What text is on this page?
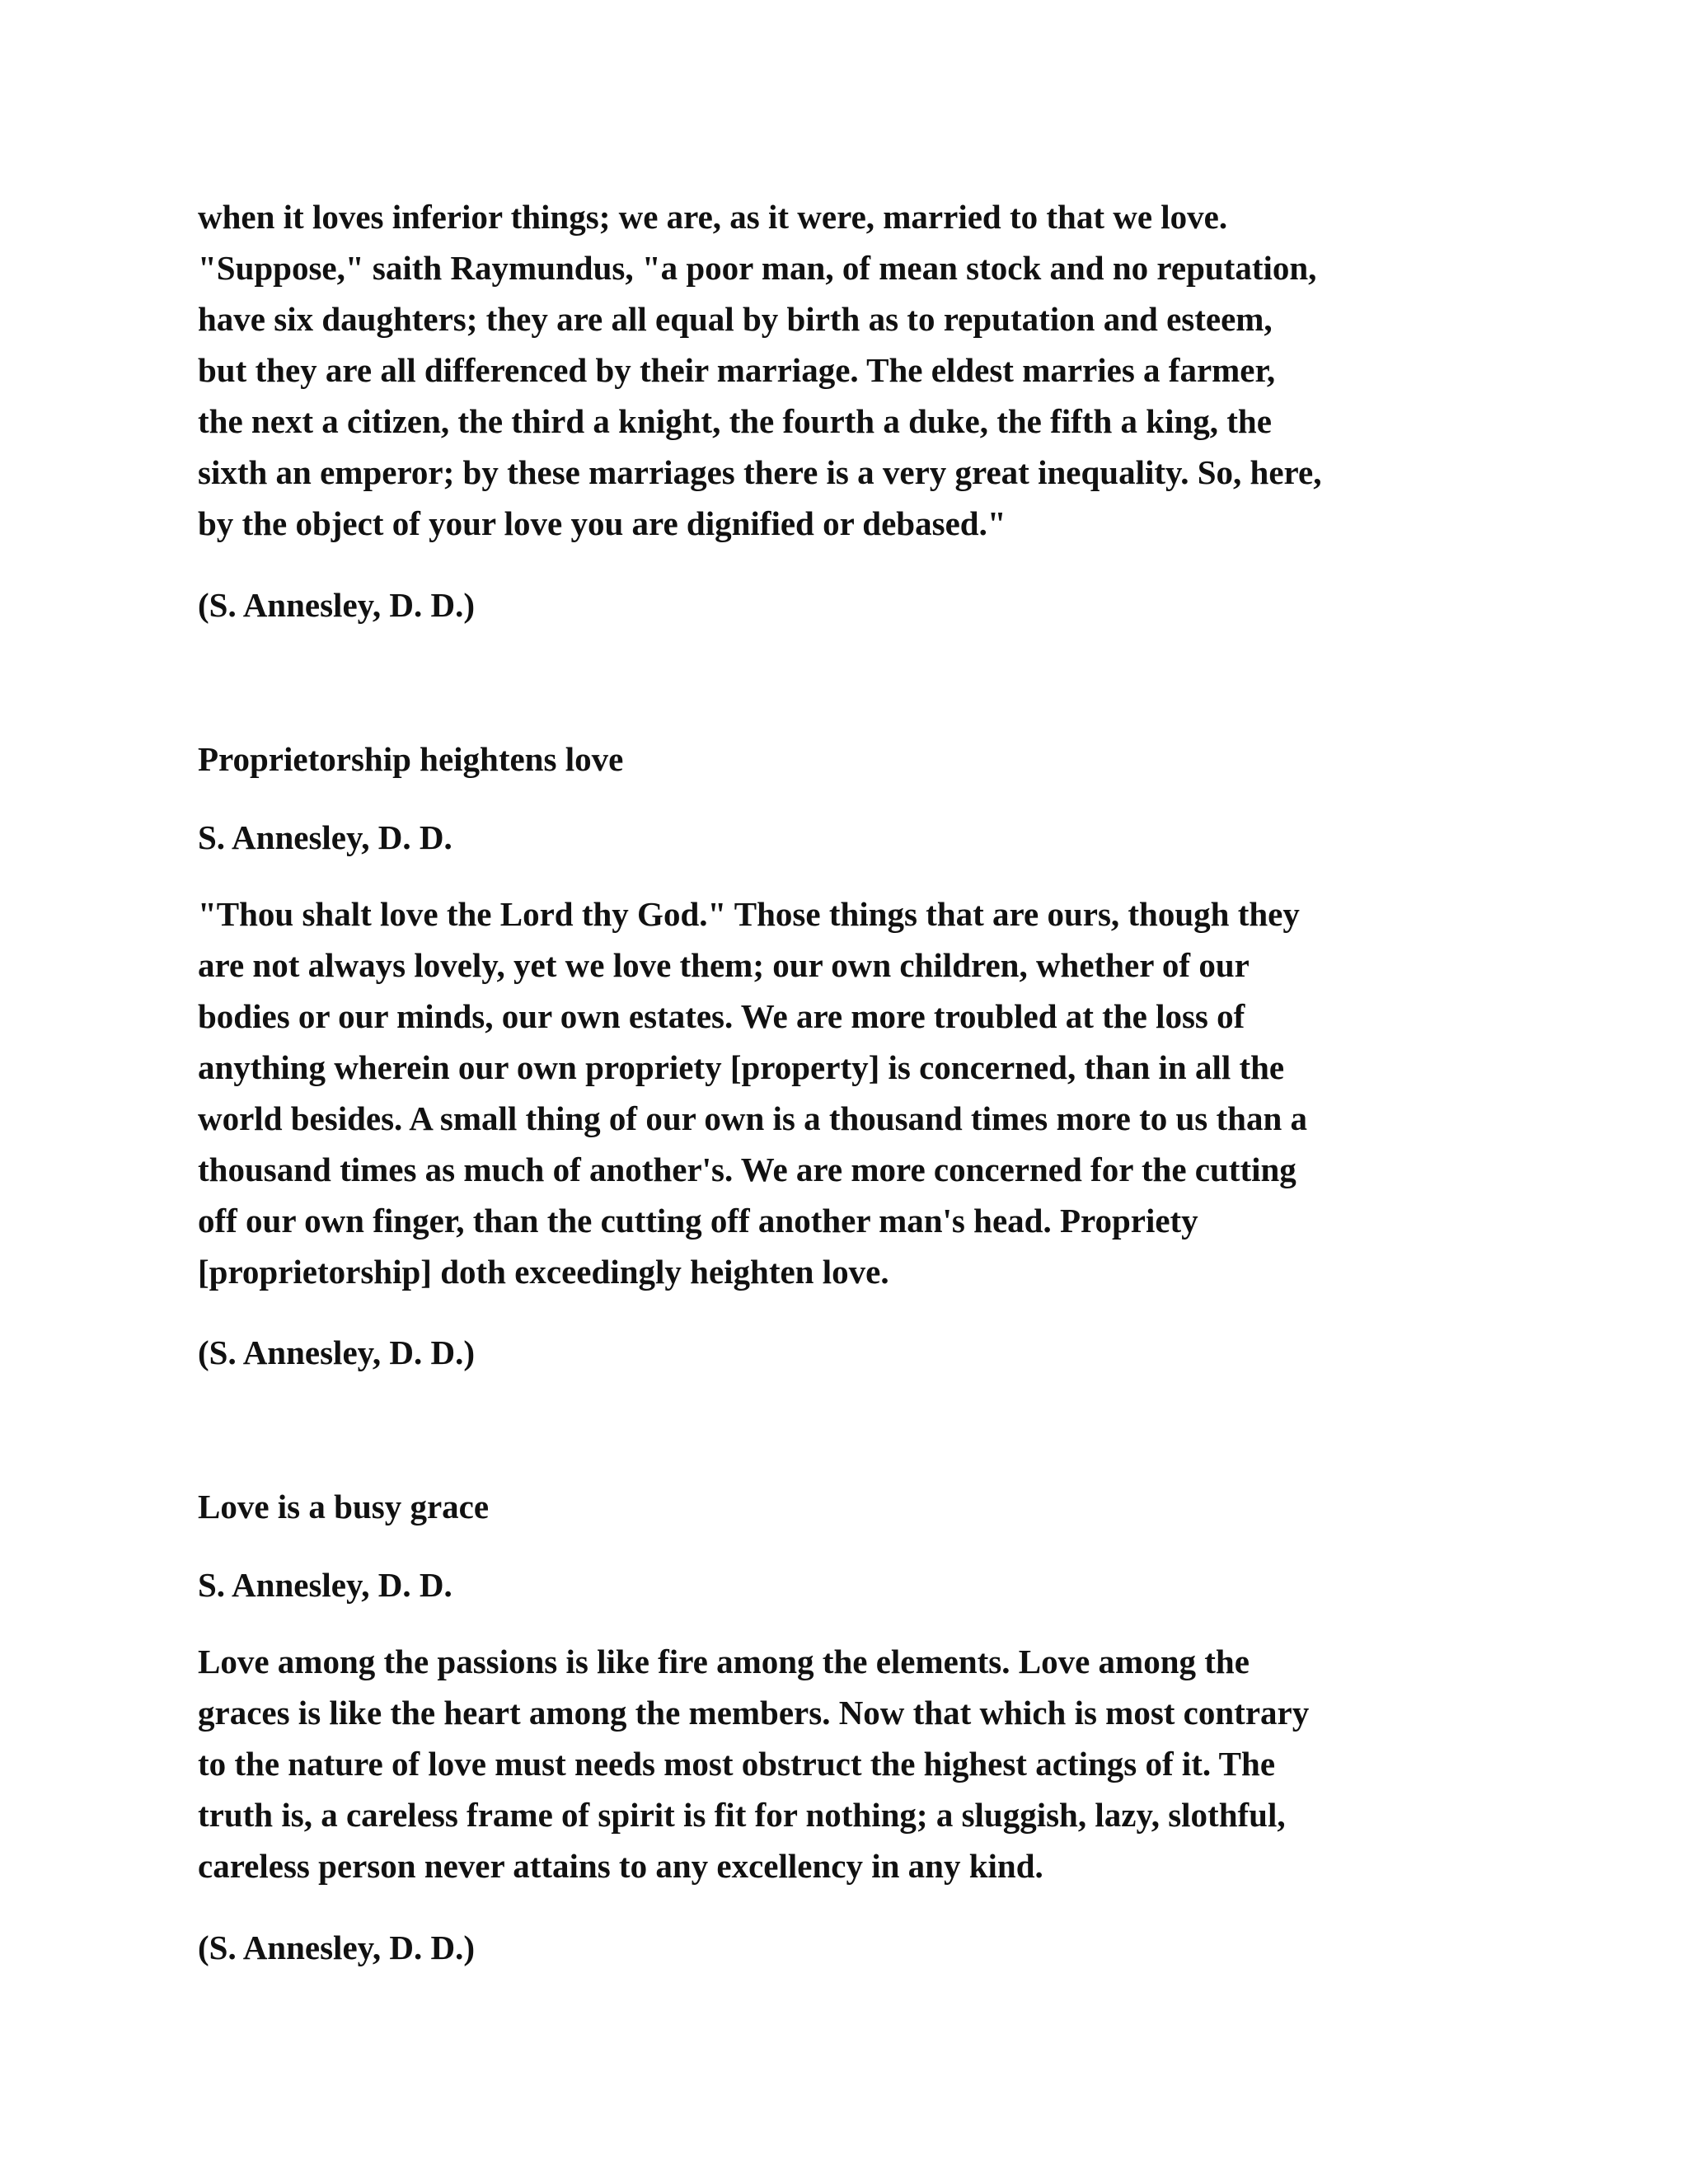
when it loves inferior things; we are, as it were, married to that we love.
"Suppose," saith Raymundus, "a poor man, of mean stock and no reputation,
have six daughters; they are all equal by birth as to reputation and esteem,
but they are all differenced by their marriage. The eldest marries a farmer,
the next a citizen, the third a knight, the fourth a duke, the fifth a king, the
sixth an emperor; by these marriages there is a very great inequality. So, here,
by the object of your love you are dignified or debased."
(S. Annesley, D. D.)
Proprietorship heightens love
S. Annesley, D. D.
"Thou shalt love the Lord thy God." Those things that are ours, though they
are not always lovely, yet we love them; our own children, whether of our
bodies or our minds, our own estates. We are more troubled at the loss of
anything wherein our own propriety [property] is concerned, than in all the
world besides. A small thing of our own is a thousand times more to us than a
thousand times as much of another's. We are more concerned for the cutting
off our own finger, than the cutting off another man's head. Propriety
[proprietorship] doth exceedingly heighten love.
(S. Annesley, D. D.)
Love is a busy grace
S. Annesley, D. D.
Love among the passions is like fire among the elements. Love among the
graces is like the heart among the members. Now that which is most contrary
to the nature of love must needs most obstruct the highest actings of it. The
truth is, a careless frame of spirit is fit for nothing; a sluggish, lazy, slothful,
careless person never attains to any excellency in any kind.
(S. Annesley, D. D.)
